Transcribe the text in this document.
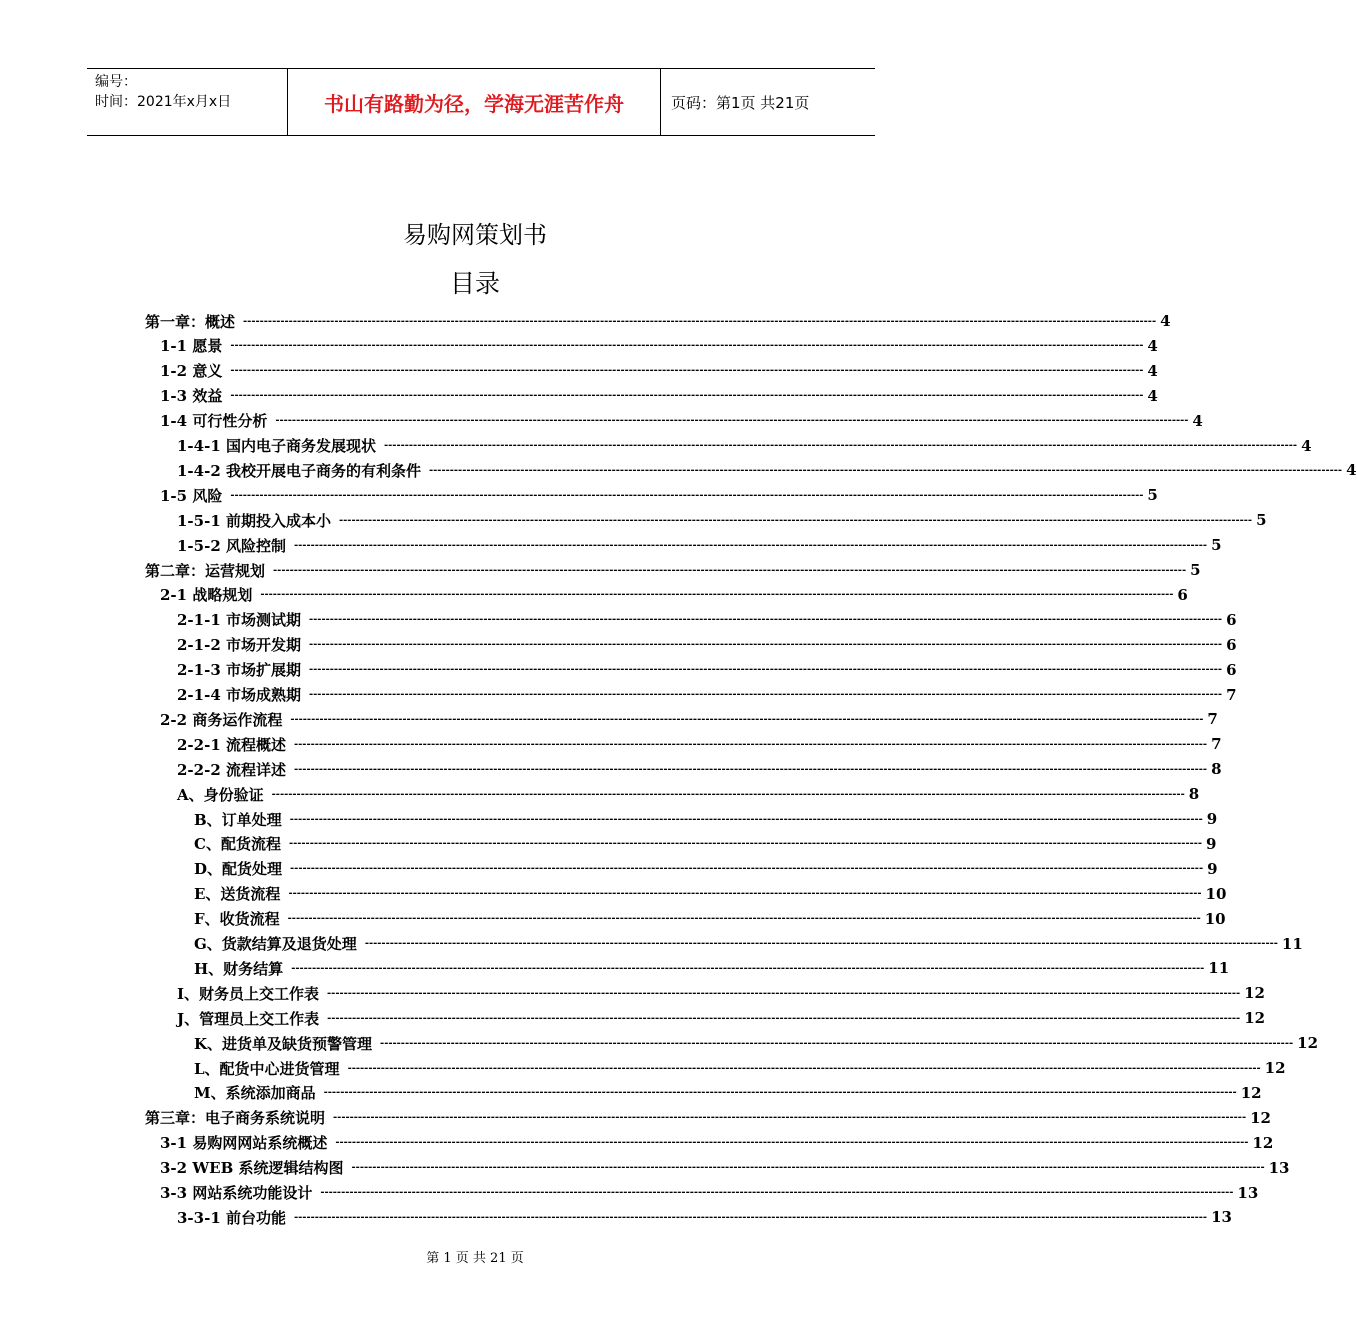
编号：
时间：2021年x月x日	书山有路勤为径，学海无涯苦作舟	页码：第1页 共21页
易购网策划书
目录
第一章：概述 ---------------------------------------------------------------------------------------------------------------------------------------------------------------------------------------------------------------------------- 4
1-1 愿景 ---------------------------------------------------------------------------------------------------------------------------------------------------------------------------------------------------------------------------- 4
1-2 意义 ---------------------------------------------------------------------------------------------------------------------------------------------------------------------------------------------------------------------------- 4
1-3 效益 ---------------------------------------------------------------------------------------------------------------------------------------------------------------------------------------------------------------------------- 4
1-4 可行性分析 ---------------------------------------------------------------------------------------------------------------------------------------------------------------------------------------------------------------------------- 4
1-4-1 国内电子商务发展现状 ---------------------------------------------------------------------------------------------------------------------------------------------------------------------------------------------------------------------------- 4
1-4-2 我校开展电子商务的有利条件 ---------------------------------------------------------------------------------------------------------------------------------------------------------------------------------------------------------------------------- 4
1-5 风险 ---------------------------------------------------------------------------------------------------------------------------------------------------------------------------------------------------------------------------- 5
1-5-1 前期投入成本小 ---------------------------------------------------------------------------------------------------------------------------------------------------------------------------------------------------------------------------- 5
1-5-2 风险控制 ---------------------------------------------------------------------------------------------------------------------------------------------------------------------------------------------------------------------------- 5
第二章：运营规划 ---------------------------------------------------------------------------------------------------------------------------------------------------------------------------------------------------------------------------- 5
2-1 战略规划 ---------------------------------------------------------------------------------------------------------------------------------------------------------------------------------------------------------------------------- 6
2-1-1 市场测试期 ---------------------------------------------------------------------------------------------------------------------------------------------------------------------------------------------------------------------------- 6
2-1-2 市场开发期 ---------------------------------------------------------------------------------------------------------------------------------------------------------------------------------------------------------------------------- 6
2-1-3 市场扩展期 ---------------------------------------------------------------------------------------------------------------------------------------------------------------------------------------------------------------------------- 6
2-1-4 市场成熟期 ---------------------------------------------------------------------------------------------------------------------------------------------------------------------------------------------------------------------------- 7
2-2 商务运作流程 ---------------------------------------------------------------------------------------------------------------------------------------------------------------------------------------------------------------------------- 7
2-2-1 流程概述 ---------------------------------------------------------------------------------------------------------------------------------------------------------------------------------------------------------------------------- 7
2-2-2 流程详述 ---------------------------------------------------------------------------------------------------------------------------------------------------------------------------------------------------------------------------- 8
A、身份验证 ---------------------------------------------------------------------------------------------------------------------------------------------------------------------------------------------------------------------------- 8
B、订单处理 ---------------------------------------------------------------------------------------------------------------------------------------------------------------------------------------------------------------------------- 9
C、配货流程 ---------------------------------------------------------------------------------------------------------------------------------------------------------------------------------------------------------------------------- 9
D、配货处理 ---------------------------------------------------------------------------------------------------------------------------------------------------------------------------------------------------------------------------- 9
E、送货流程 ---------------------------------------------------------------------------------------------------------------------------------------------------------------------------------------------------------------------------- 10
F、收货流程 ---------------------------------------------------------------------------------------------------------------------------------------------------------------------------------------------------------------------------- 10
G、货款结算及退货处理 ---------------------------------------------------------------------------------------------------------------------------------------------------------------------------------------------------------------------------- 11
H、财务结算 ---------------------------------------------------------------------------------------------------------------------------------------------------------------------------------------------------------------------------- 11
I、财务员上交工作表 ---------------------------------------------------------------------------------------------------------------------------------------------------------------------------------------------------------------------------- 12
J、管理员上交工作表 ---------------------------------------------------------------------------------------------------------------------------------------------------------------------------------------------------------------------------- 12
K、进货单及缺货预警管理 ---------------------------------------------------------------------------------------------------------------------------------------------------------------------------------------------------------------------------- 12
L、配货中心进货管理 ---------------------------------------------------------------------------------------------------------------------------------------------------------------------------------------------------------------------------- 12
M、系统添加商品 ---------------------------------------------------------------------------------------------------------------------------------------------------------------------------------------------------------------------------- 12
第三章：电子商务系统说明 ---------------------------------------------------------------------------------------------------------------------------------------------------------------------------------------------------------------------------- 12
3-1 易购网网站系统概述 ---------------------------------------------------------------------------------------------------------------------------------------------------------------------------------------------------------------------------- 12
3-2 WEB 系统逻辑结构图 ---------------------------------------------------------------------------------------------------------------------------------------------------------------------------------------------------------------------------- 13
3-3 网站系统功能设计 ---------------------------------------------------------------------------------------------------------------------------------------------------------------------------------------------------------------------------- 13
3-3-1 前台功能 ---------------------------------------------------------------------------------------------------------------------------------------------------------------------------------------------------------------------------- 13
第 1 页 共 21 页
